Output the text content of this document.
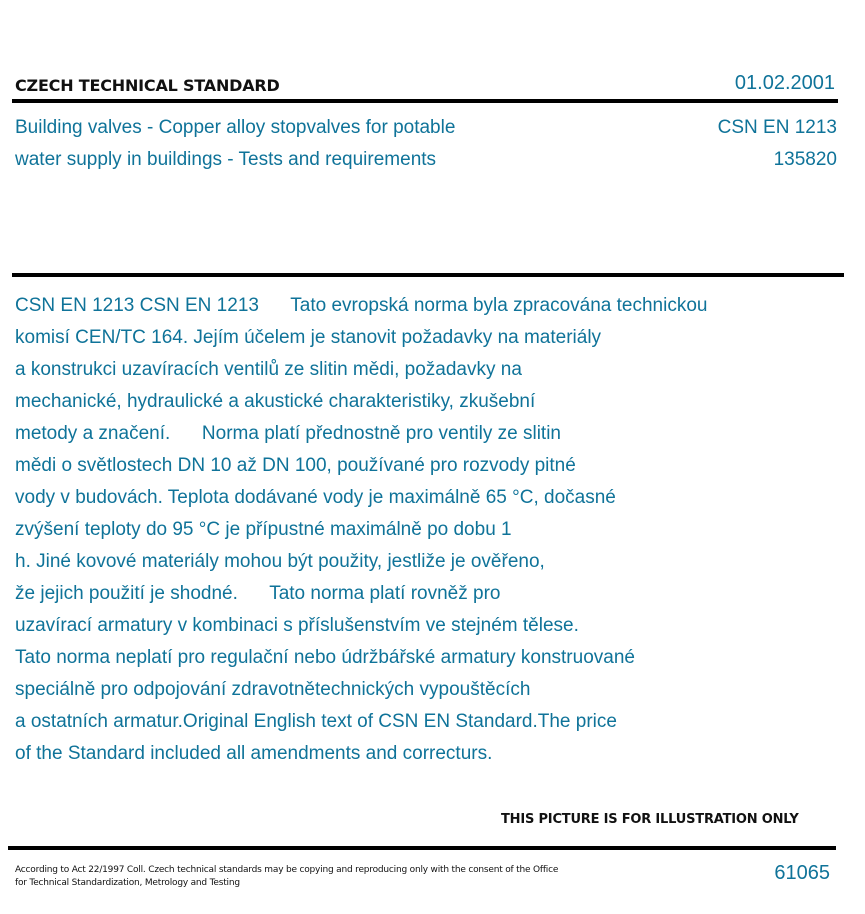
CZECH TECHNICAL STANDARD	01.02.2001
Building valves - Copper alloy stopvalves for potable
water supply in buildings - Tests and requirements
CSN EN 1213
135820
CSN EN 1213 CSN EN 1213      Tato evropská norma byla zpracována technickou
komisí CEN/TC 164. Jejím účelem je stanovit požadavky na materiály
a konstrukci uzavíracích ventilů ze slitin mědi, požadavky na
mechanické, hydraulické a akustické charakteristiky, zkušební
metody a značení.      Norma platí přednostně pro ventily ze slitin
mědi o světlostech DN 10 až DN 100, používané pro rozvody pitné
vody v budovách. Teplota dodávané vody je maximálně 65 °C, dočasné
zvýšení teploty do 95 °C je přípustné maximálně po dobu 1
h. Jiné kovové materiály mohou být použity, jestliže je ověřeno,
že jejich použití je shodné.      Tato norma platí rovněž pro
uzavírací armatury v kombinaci s příslušenstvím ve stejném tělese.
Tato norma neplatí pro regulační nebo údržbářské armatury konstruované
speciálně pro odpojování zdravotnětechnických vypouštěcích
a ostatních armatur.Original English text of CSN EN Standard.The price
of the Standard included all amendments and correcturs.
THIS PICTURE IS FOR ILLUSTRATION ONLY
According to Act 22/1997 Coll. Czech technical standards may be copying and reproducing only with the consent of the Office
for Technical Standardization, Metrology and Testing	61065
